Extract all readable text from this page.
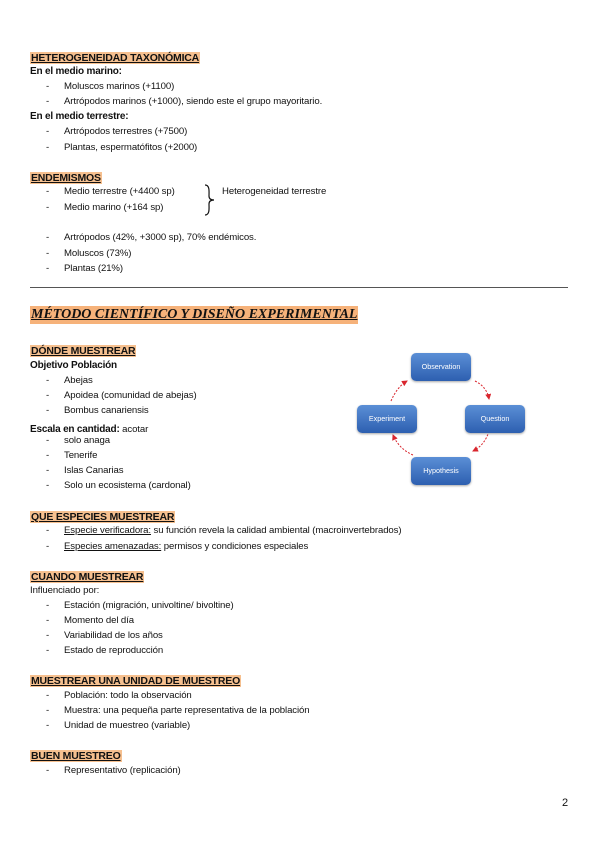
HETEROGENEIDAD TAXONÓMICA
En el medio marino:
- Moluscos marinos (+1100)
- Artrópodos marinos (+1000), siendo este el grupo mayoritario.
En el medio terrestre:
- Artrópodos terrestres (+7500)
- Plantas, espermatófitos (+2000)
ENDEMISMOS
- Medio terrestre (+4400 sp)
- Medio marino (+164 sp)
Heterogeneidad terrestre
- Artrópodos (42%, +3000 sp), 70% endémicos.
- Moluscos (73%)
- Plantas (21%)
MÉTODO CIENTÍFICO Y DISEÑO EXPERIMENTAL
DÓNDE MUESTREAR
Objetivo Población
- Abejas
- Apoidea (comunidad de abejas)
- Bombus canariensis
Escala en cantidad: acotar
- solo anaga
- Tenerife
- Islas Canarias
- Solo un ecosistema (cardonal)
Observation
Question
Hypothesis
Experiment
QUE ESPECIES MUESTREAR
- Especie verificadora: su función revela la calidad ambiental (macroinvertebrados)
- Especies amenazadas: permisos y condiciones especiales
CUANDO MUESTREAR
Influenciado por:
- Estación (migración, univoltine/ bivoltine)
- Momento del día
- Variabilidad de los años
- Estado de reproducción
MUESTREAR UNA UNIDAD DE MUESTREO
- Población: todo la observación
- Muestra: una pequeña parte representativa de la población
- Unidad de muestreo (variable)
BUEN MUESTREO
- Representativo (replicación)
2
